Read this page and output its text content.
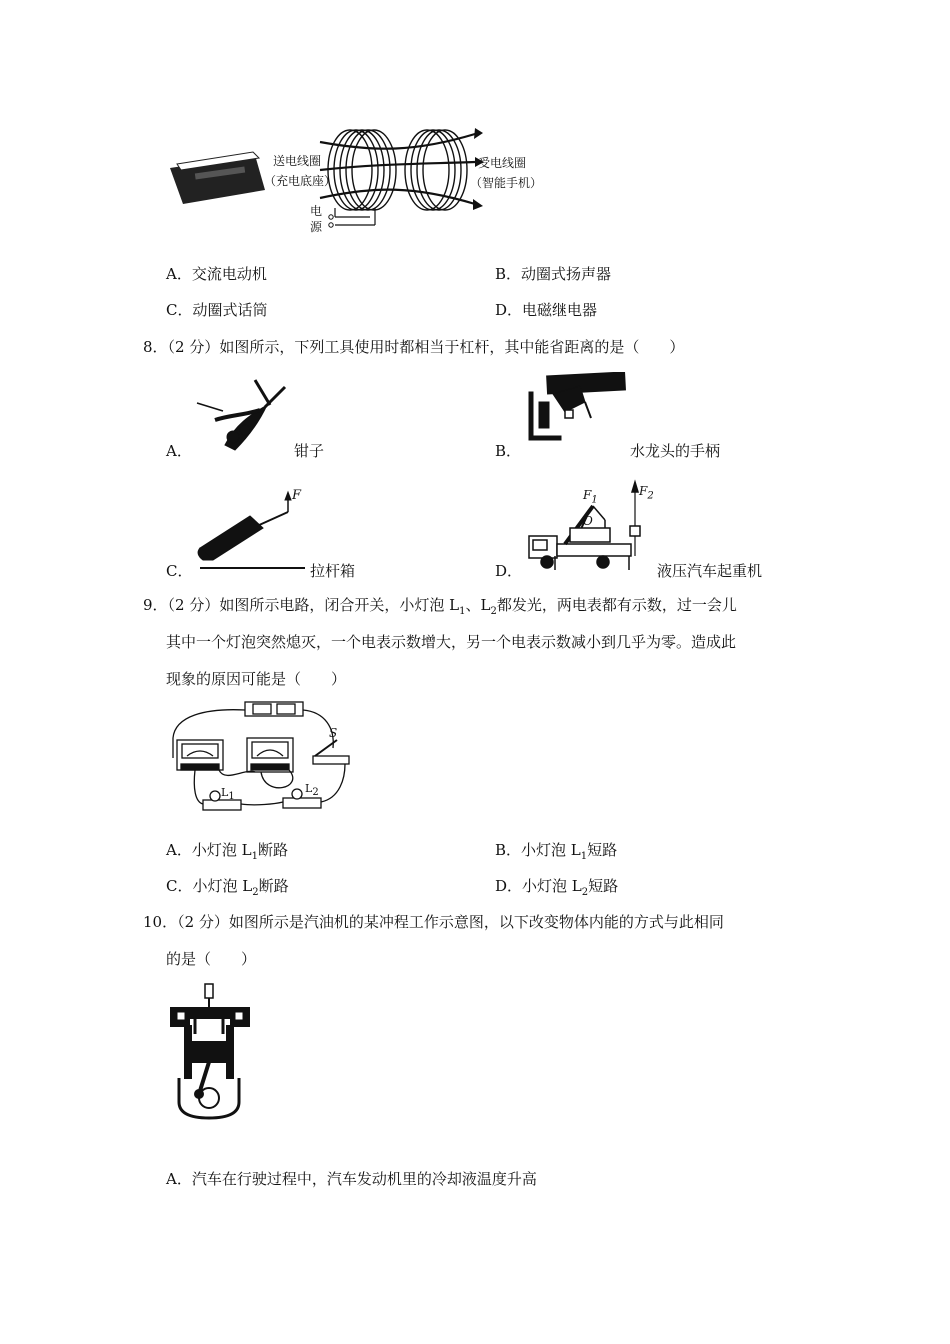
送电线圈
（充电底座）
受电线圈
（智能手机）
电
源
A．交流电动机	B．动圈式扬声器
C．动圈式话筒	D．电磁继电器
8．（2 分）如图所示，下列工具使用时都相当于杠杆，其中能省距离的是（　　）
A．	钳子	B．	水龙头的手柄
F
C．	拉杆箱
$F_1$
$F_2$
O
D．	液压汽车起重机
9．（2 分）如图所示电路，闭合开关，小灯泡 $L_1$、$L_2$都发光，两电表都有示数，过一会儿
其中一个灯泡突然熄灭，一个电表示数增大，另一个电表示数减小到几乎为零。造成此
现象的原因可能是（　　）
S
$L_1$
$L_2$
A．小灯泡 $L_1$断路	B．小灯泡 $L_1$短路
C．小灯泡 $L_2$断路	D．小灯泡 $L_2$短路
10．（2 分）如图所示是汽油机的某冲程工作示意图，以下改变物体内能的方式与此相同
的是（　　）
A．汽车在行驶过程中，汽车发动机里的冷却液温度升高
